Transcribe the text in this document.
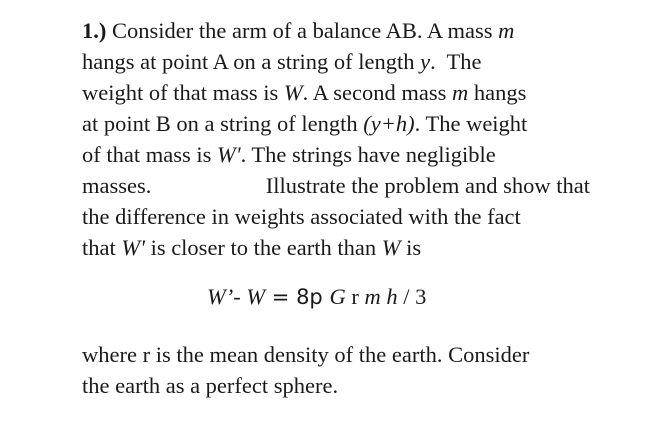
1.) Consider the arm of a balance AB. A mass m
hangs at point A on a string of length y.  The
weight of that mass is W. A second mass m hangs
at point B on a string of length (y+h). The weight
of that mass is W'. The strings have negligible
masses.	Illustrate the problem and show that
the difference in weights associated with the fact
that W' is closer to the earth than W is
W’- W = 8p G r m h / 3
where r is the mean density of the earth. Consider
the earth as a perfect sphere.
